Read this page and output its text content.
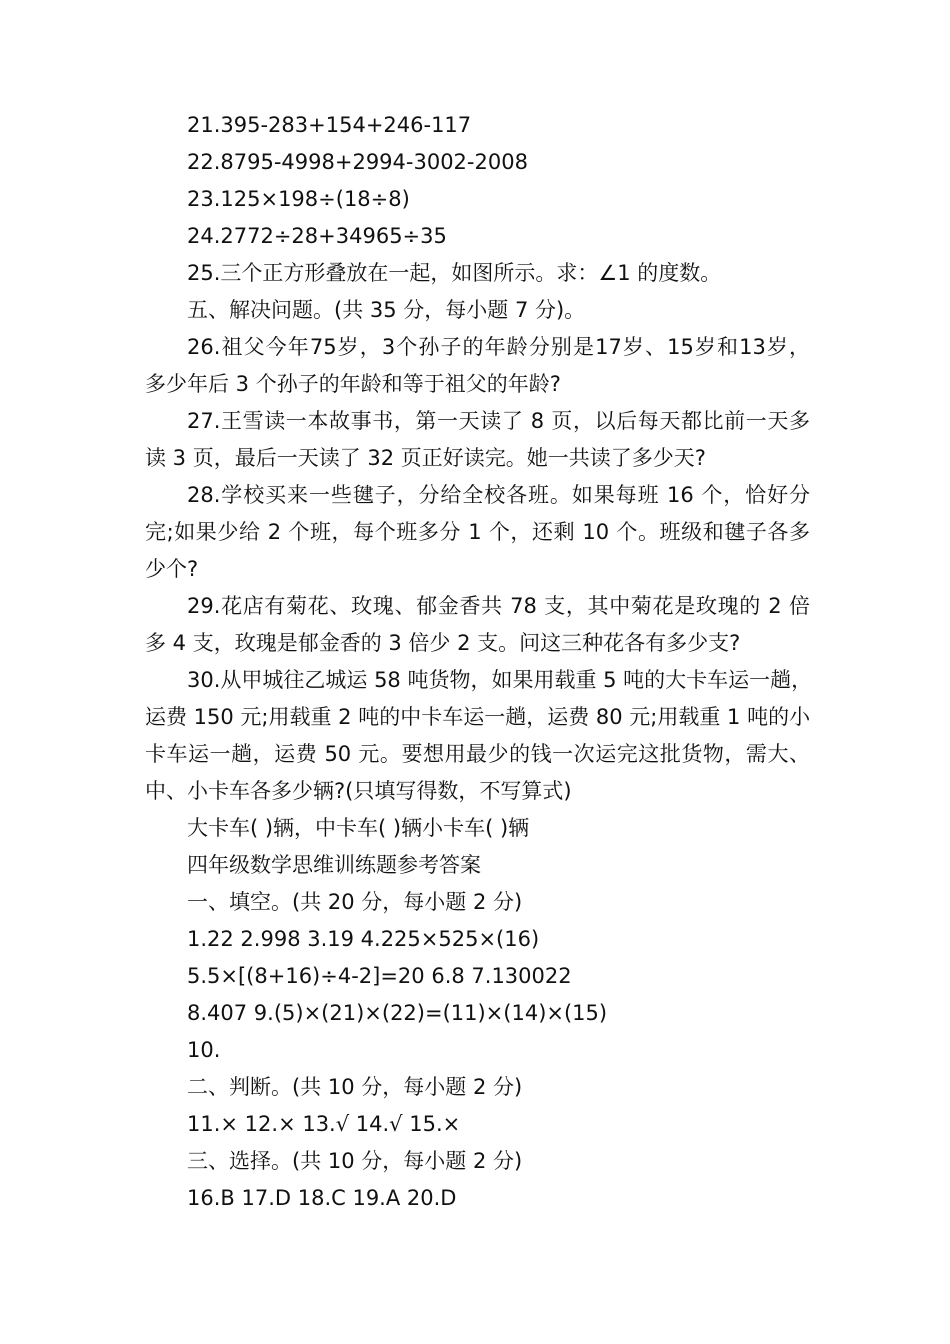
21.395-283+154+246-117
22.8795-4998+2994-3002-2008
23.125×198÷(18÷8)
24.2772÷28+34965÷35
25.三个正方形叠放在一起，如图所示。求：∠1 的度数。
五、解决问题。(共 35 分，每小题 7 分)。
26.祖父今年75岁，3个孙子的年龄分别是17岁、15岁和13岁，
多少年后 3 个孙子的年龄和等于祖父的年龄?
27.王雪读一本故事书，第一天读了 8 页，以后每天都比前一天多
读 3 页，最后一天读了 32 页正好读完。她一共读了多少天?
28.学校买来一些毽子，分给全校各班。如果每班 16 个，恰好分
完;如果少给 2 个班，每个班多分 1 个，还剩 10 个。班级和毽子各多
少个?
29.花店有菊花、玫瑰、郁金香共 78 支，其中菊花是玫瑰的 2 倍
多 4 支，玫瑰是郁金香的 3 倍少 2 支。问这三种花各有多少支?
30.从甲城往乙城运 58 吨货物，如果用载重 5 吨的大卡车运一趟，
运费 150 元;用载重 2 吨的中卡车运一趟，运费 80 元;用载重 1 吨的小
卡车运一趟，运费 50 元。要想用最少的钱一次运完这批货物，需大、
中、小卡车各多少辆?(只填写得数，不写算式)
大卡车( )辆，中卡车( )辆小卡车( )辆
四年级数学思维训练题参考答案
一、填空。(共 20 分，每小题 2 分)
1.22 2.998 3.19 4.225×525×(16)
5.5×[(8+16)÷4-2]=20 6.8 7.130022
8.407 9.(5)×(21)×(22)=(11)×(14)×(15)
10.
二、判断。(共 10 分，每小题 2 分)
11.× 12.× 13.√ 14.√ 15.×
三、选择。(共 10 分，每小题 2 分)
16.B 17.D 18.C 19.A 20.D
